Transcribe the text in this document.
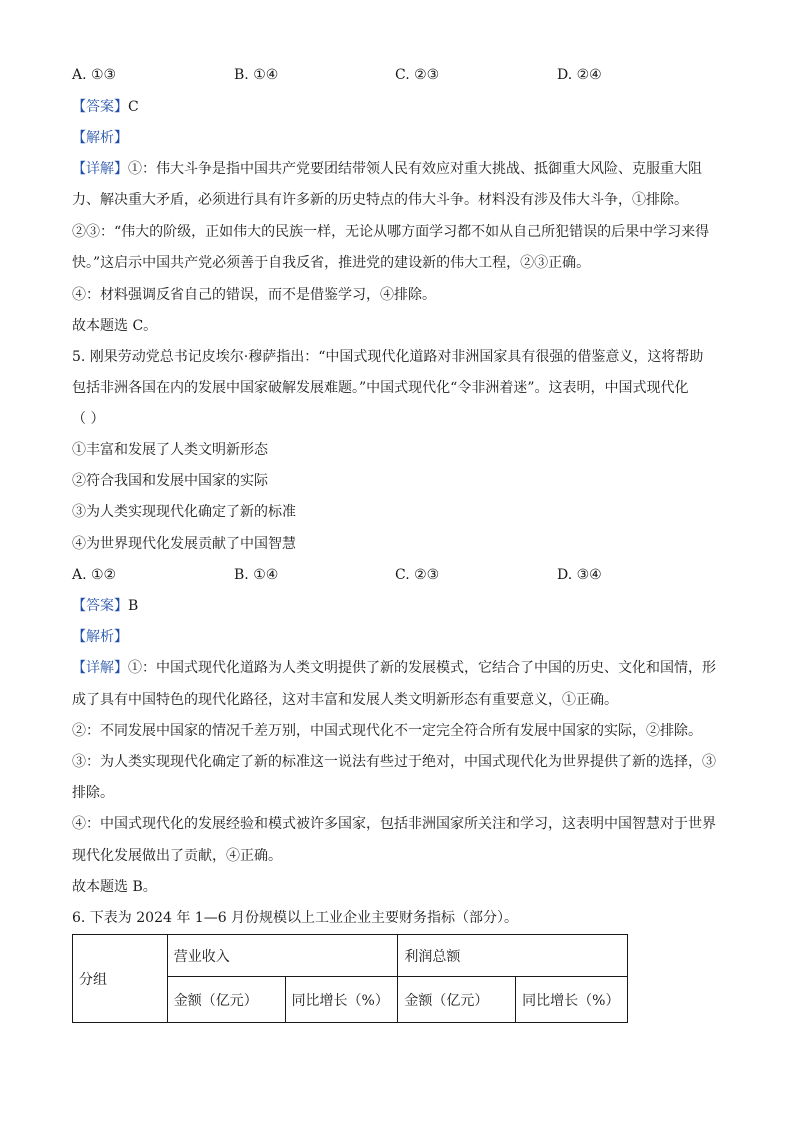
A. ①③	B. ①④	C. ②③	D. ②④
【答案】C
【解析】
【详解】①：伟大斗争是指中国共产党要团结带领人民有效应对重大挑战、抵御重大风险、克服重大阻
力、解决重大矛盾，必须进行具有许多新的历史特点的伟大斗争。材料没有涉及伟大斗争，①排除。
②③：“伟大的阶级，正如伟大的民族一样，无论从哪方面学习都不如从自己所犯错误的后果中学习来得
快。”这启示中国共产党必须善于自我反省，推进党的建设新的伟大工程，②③正确。
④：材料强调反省自己的错误，而不是借鉴学习，④排除。
故本题选 C。
5. 刚果劳动党总书记皮埃尔·穆萨指出：“中国式现代化道路对非洲国家具有很强的借鉴意义，这将帮助
包括非洲各国在内的发展中国家破解发展难题。”中国式现代化“令非洲着迷”。这表明，中国式现代化
（ ）
①丰富和发展了人类文明新形态
②符合我国和发展中国家的实际
③为人类实现现代化确定了新的标准
④为世界现代化发展贡献了中国智慧
A. ①②	B. ①④	C. ②③	D. ③④
【答案】B
【解析】
【详解】①：中国式现代化道路为人类文明提供了新的发展模式，它结合了中国的历史、文化和国情，形
成了具有中国特色的现代化路径，这对丰富和发展人类文明新形态有重要意义，①正确。
②：不同发展中国家的情况千差万别，中国式现代化不一定完全符合所有发展中国家的实际，②排除。
③：为人类实现现代化确定了新的标准这一说法有些过于绝对，中国式现代化为世界提供了新的选择，③
排除。
④：中国式现代化的发展经验和模式被许多国家，包括非洲国家所关注和学习，这表明中国智慧对于世界
现代化发展做出了贡献，④正确。
故本题选 B。
6. 下表为 2024 年 1—6 月份规模以上工业企业主要财务指标（部分）。
分组	营业收入		利润总额	
	金额（亿元）	同比增长（%）	金额（亿元）	同比增长（%）
